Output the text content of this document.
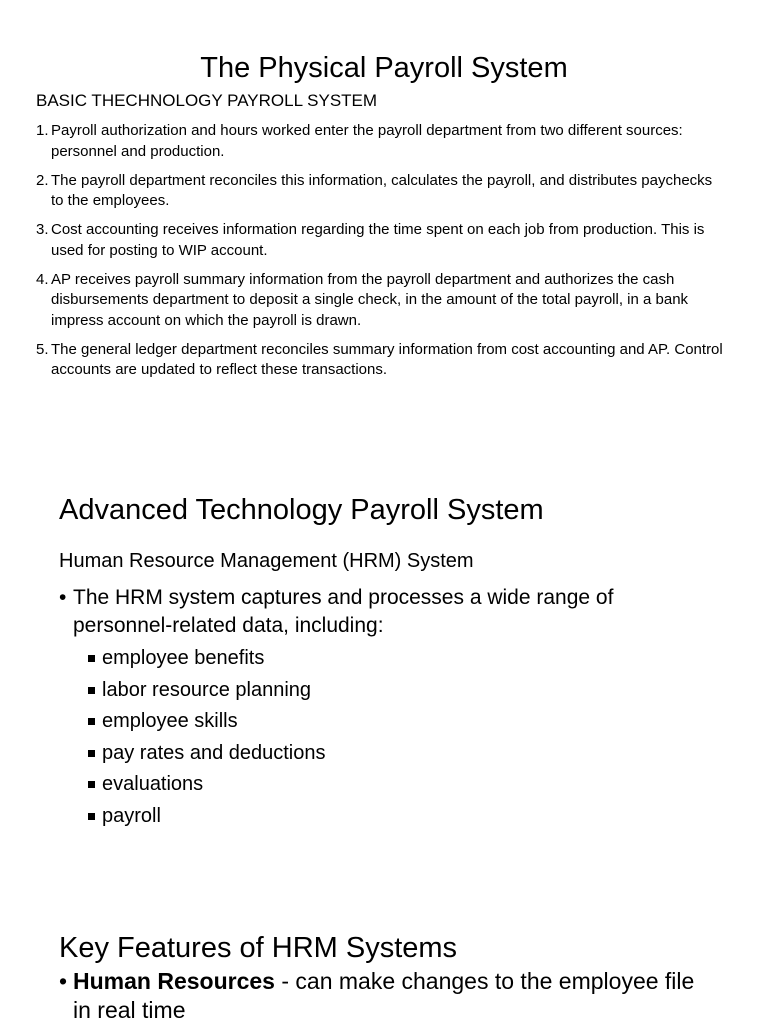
The Physical Payroll System
BASIC THECHNOLOGY PAYROLL SYSTEM
1. Payroll authorization and hours worked enter the payroll department from two different sources: personnel and production.
2. The payroll department reconciles this information, calculates the payroll, and distributes paychecks to the employees.
3. Cost accounting receives information regarding the time spent on each job from production. This is used for posting to WIP account.
4. AP receives payroll summary information from the payroll department and authorizes the cash disbursements department to deposit a single check, in the amount of the total payroll, in a bank impress account on which the payroll is drawn.
5. The general ledger department reconciles summary information from cost accounting and AP. Control accounts are updated to reflect these transactions.
Advanced Technology Payroll System
Human Resource Management (HRM) System
• The HRM system captures and processes a wide range of personnel-related data, including:
employee benefits
labor resource planning
employee skills
pay rates and deductions
evaluations
payroll
Key Features of HRM Systems
• Human Resources - can make changes to the employee file in real time
